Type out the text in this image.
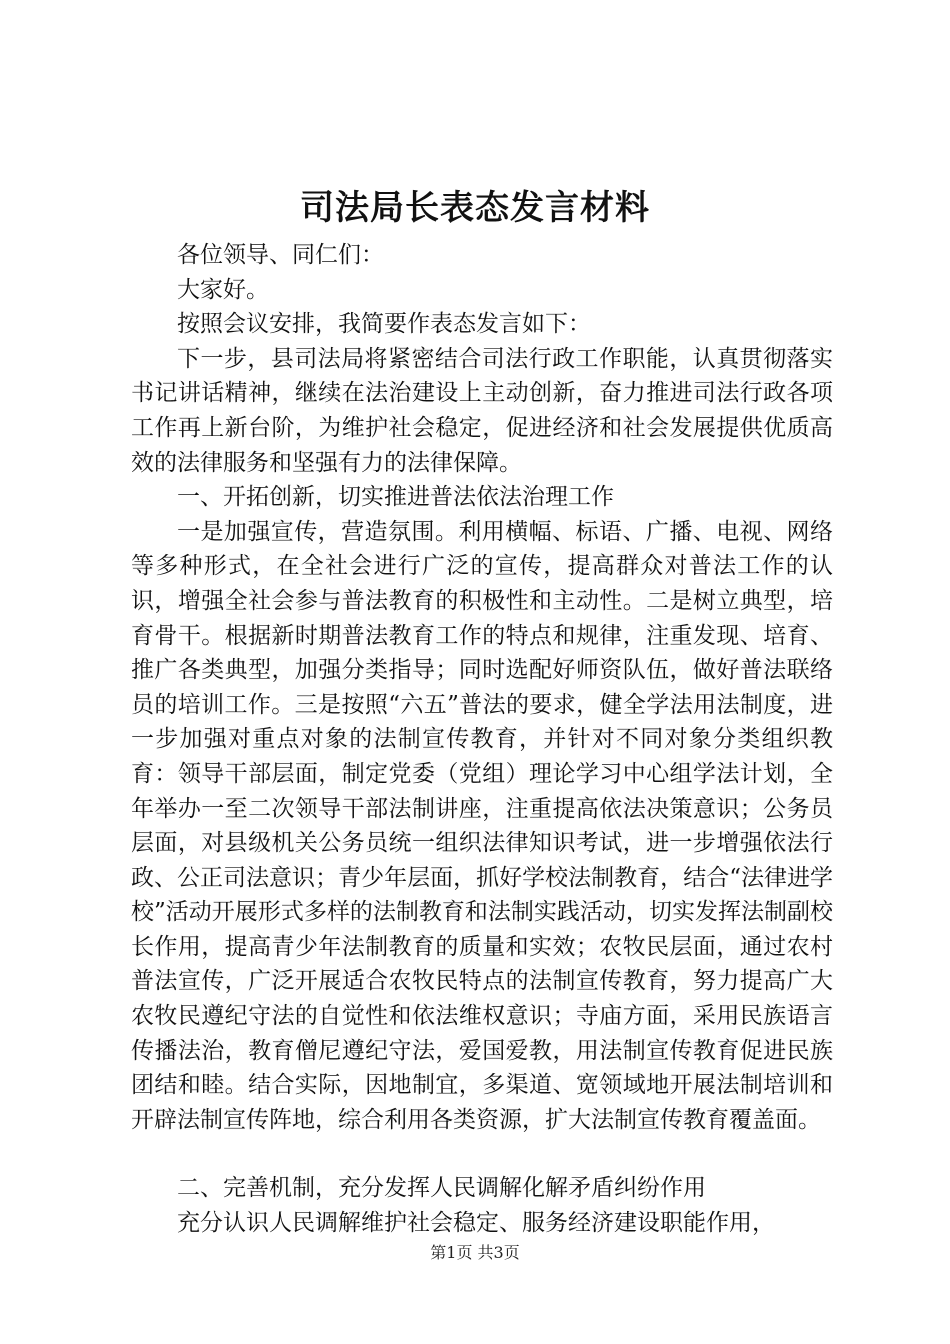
司法局长表态发言材料

各位领导、同仁们：

大家好。

按照会议安排，我简要作表态发言如下：

下一步，县司法局将紧密结合司法行政工作职能，认真贯彻落实书记讲话精神，继续在法治建设上主动创新，奋力推进司法行政各项工作再上新台阶，为维护社会稳定，促进经济和社会发展提供优质高效的法律服务和坚强有力的法律保障。

一、开拓创新，切实推进普法依法治理工作

一是加强宣传，营造氛围。利用横幅、标语、广播、电视、网络等多种形式，在全社会进行广泛的宣传，提高群众对普法工作的认识，增强全社会参与普法教育的积极性和主动性。二是树立典型，培育骨干。根据新时期普法教育工作的特点和规律，注重发现、培育、推广各类典型，加强分类指导；同时选配好师资队伍，做好普法联络员的培训工作。三是按照“六五”普法的要求，健全学法用法制度，进一步加强对重点对象的法制宣传教育，并针对不同对象分类组织教育：领导干部层面，制定党委（党组）理论学习中心组学法计划，全年举办一至二次领导干部法制讲座，注重提高依法决策意识；公务员层面，对县级机关公务员统一组织法律知识考试，进一步增强依法行政、公正司法意识；青少年层面，抓好学校法制教育，结合“法律进学校”活动开展形式多样的法制教育和法制实践活动，切实发挥法制副校长作用，提高青少年法制教育的质量和实效；农牧民层面，通过农村普法宣传，广泛开展适合农牧民特点的法制宣传教育，努力提高广大农牧民遵纪守法的自觉性和依法维权意识；寺庙方面，采用民族语言传播法治，教育僧尼遵纪守法，爱国爱教，用法制宣传教育促进民族团结和睦。结合实际，因地制宜，多渠道、宽领域地开展法制培训和开辟法制宣传阵地，综合利用各类资源，扩大法制宣传教育覆盖面。

二、完善机制，充分发挥人民调解化解矛盾纠纷作用

充分认识人民调解维护社会稳定、服务经济建设职能作用，

第1页 共3页
